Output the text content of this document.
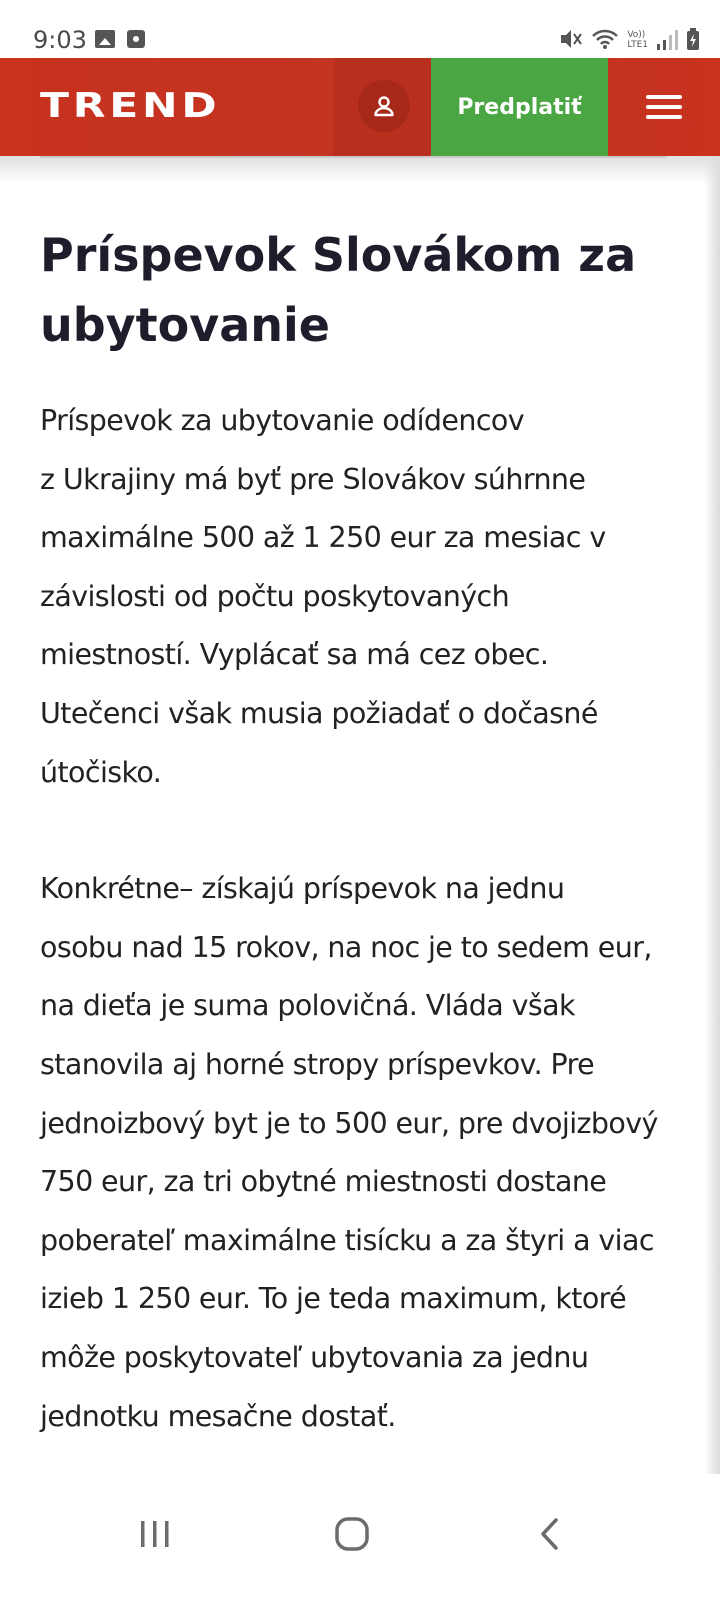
9:03	Vo))
LTE1
TREND	Predplatiť
Príspevok Slovákom za
ubytovanie

Príspevok za ubytovanie odídencov
z Ukrajiny má byť pre Slovákov súhrnne
maximálne 500 až 1 250 eur za mesiac v
závislosti od počtu poskytovaných
miestností. Vyplácať sa má cez obec.
Utečenci však musia požiadať o dočasné
útočisko.

Konkrétne– získajú príspevok na jednu
osobu nad 15 rokov, na noc je to sedem eur,
na dieťa je suma polovičná. Vláda však
stanovila aj horné stropy príspevkov. Pre
jednoizbový byt je to 500 eur, pre dvojizbový
750 eur, za tri obytné miestnosti dostane
poberateľ maximálne tisícku a za štyri a viac
izieb 1 250 eur. To je teda maximum, ktoré
môže poskytovateľ ubytovania za jednu
jednotku mesačne dostať.
